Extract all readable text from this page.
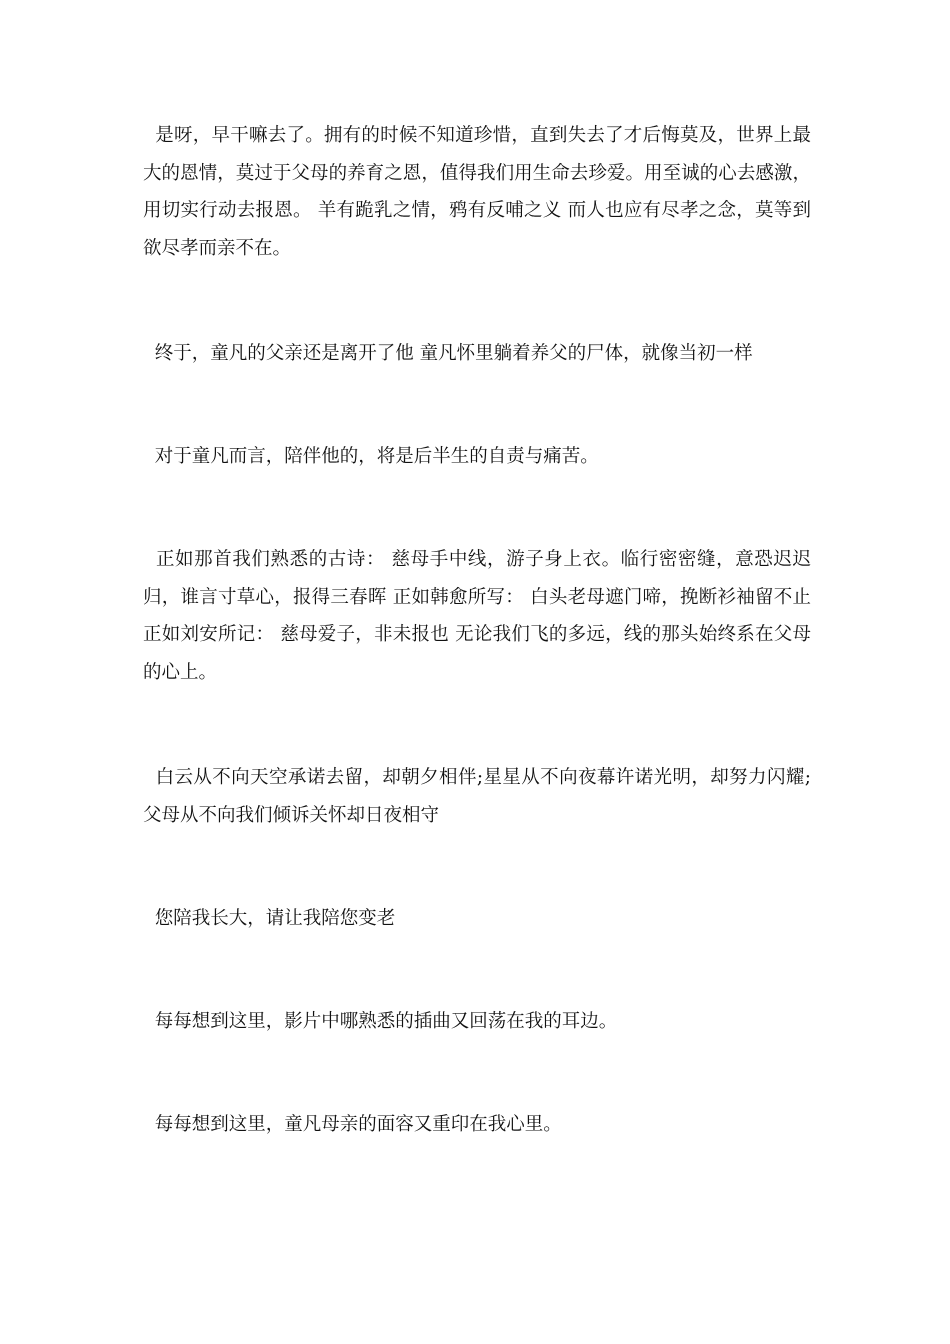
是呀，早干嘛去了。拥有的时候不知道珍惜，直到失去了才后悔莫及，世界上最大的恩情，莫过于父母的养育之恩，值得我们用生命去珍爱。用至诚的心去感激，用切实行动去报恩。 羊有跪乳之情，鸦有反哺之义 而人也应有尽孝之念，莫等到欲尽孝而亲不在。

终于，童凡的父亲还是离开了他 童凡怀里躺着养父的尸体，就像当初一样

对于童凡而言，陪伴他的，将是后半生的自责与痛苦。

正如那首我们熟悉的古诗： 慈母手中线，游子身上衣。临行密密缝，意恐迟迟归，谁言寸草心，报得三春晖 正如韩愈所写： 白头老母遮门啼，挽断衫袖留不止 正如刘安所记： 慈母爱子，非未报也 无论我们飞的多远，线的那头始终系在父母的心上。

白云从不向天空承诺去留，却朝夕相伴;星星从不向夜幕许诺光明，却努力闪耀;父母从不向我们倾诉关怀却日夜相守

您陪我长大，请让我陪您变老

每每想到这里，影片中哪熟悉的插曲又回荡在我的耳边。

每每想到这里，童凡母亲的面容又重印在我心里。
